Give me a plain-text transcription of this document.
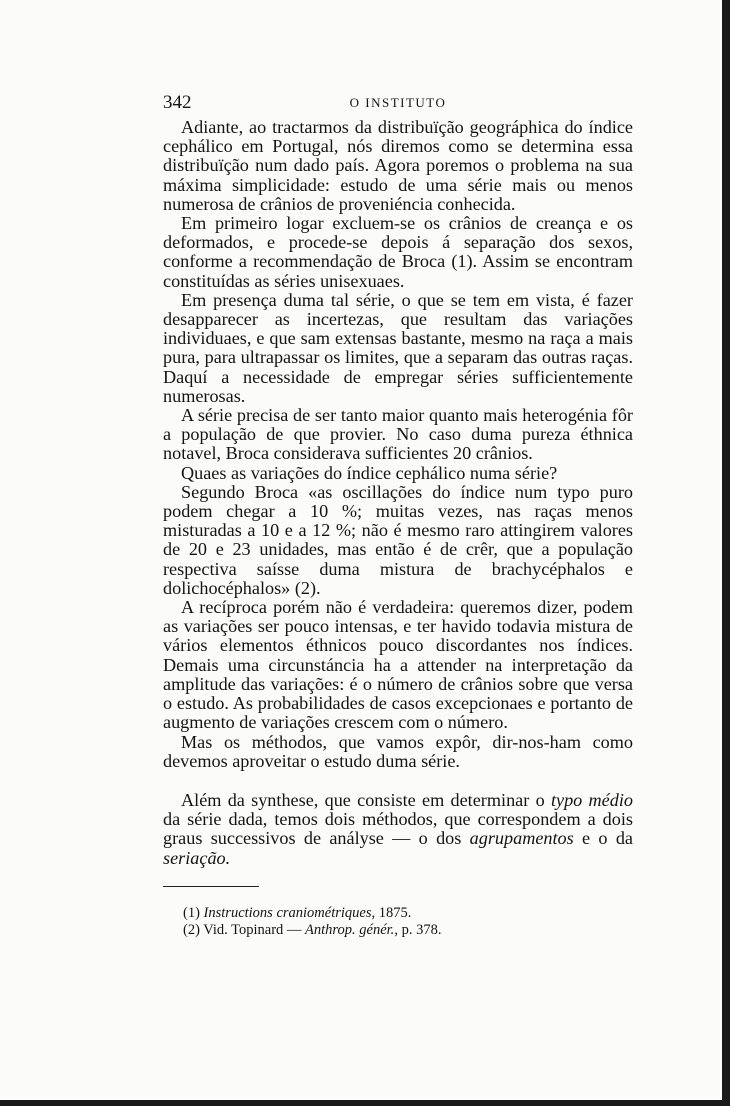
342	O INSTITUTO

Adiante, ao tractarmos da distribuïção geográphica do índice cephálico em Portugal, nós diremos como se determina essa distribuïção num dado país. Agora poremos o problema na sua máxima simplicidade: estudo de uma série mais ou menos numerosa de crânios de proveniéncia conhecida.

Em primeiro logar excluem-se os crânios de creança e os deformados, e procede-se depois á separação dos sexos, conforme a recommendação de Broca (1). Assim se encontram constituídas as séries unisexuaes.

Em presença duma tal série, o que se tem em vista, é fazer desapparecer as incertezas, que resultam das variações individuaes, e que sam extensas bastante, mesmo na raça a mais pura, para ultrapassar os limites, que a separam das outras raças. Daquí a necessidade de empregar séries sufficientemente numerosas.

A série precisa de ser tanto maior quanto mais heterogénia fôr a população de que provier. No caso duma pureza éthnica notavel, Broca considerava sufficientes 20 crânios.

Quaes as variações do índice cephálico numa série?

Segundo Broca «as oscillações do índice num typo puro podem chegar a 10 %; muitas vezes, nas raças menos misturadas a 10 e a 12 %; não é mesmo raro attingirem valores de 20 e 23 unidades, mas então é de crêr, que a população respectiva saísse duma mistura de brachycéphalos e dolichocéphalos» (2).

A recíproca porém não é verdadeira: queremos dizer, podem as variações ser pouco intensas, e ter havido todavia mistura de vários elementos éthnicos pouco discordantes nos índices. Demais uma circunstáncia ha a attender na interpretação da amplitude das variações: é o número de crânios sobre que versa o estudo. As probabilidades de casos excepcionaes e portanto de augmento de variações crescem com o número.

Mas os méthodos, que vamos expôr, dir-nos-ham como devemos aproveitar o estudo duma série.

Além da synthese, que consiste em determinar o typo médio da série dada, temos dois méthodos, que correspondem a dois graus successivos de anályse — o dos agrupamentos e o da seriação.

(1) Instructions craniométriques, 1875.

(2) Vid. Topinard — Anthrop. génér., p. 378.
